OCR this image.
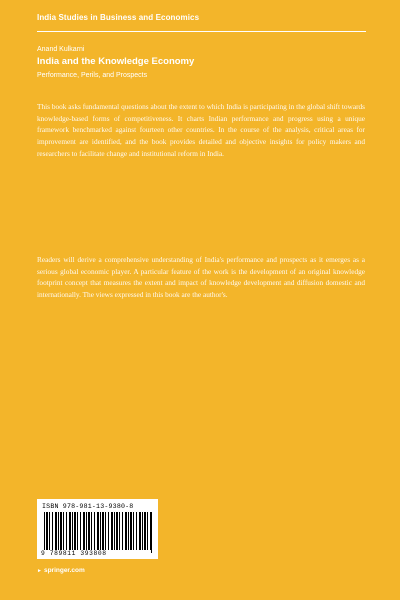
India Studies in Business and Economics
Anand Kulkarni
India and the Knowledge Economy
Performance, Perils, and Prospects

This book asks fundamental questions about the extent to which India is participating in the global shift towards knowledge-based forms of competitiveness. It charts Indian performance and progress using a unique framework benchmarked against fourteen other countries. In the course of the analysis, critical areas for improvement are identified, and the book provides detailed and objective insights for policy makers and researchers to facilitate change and institutional reform in India.

Readers will derive a comprehensive understanding of India's performance and prospects as it emerges as a serious global economic player. A particular feature of the work is the development of an original knowledge footprint concept that measures the extent and impact of knowledge development and diffusion domestic and internationally. The views expressed in this book are the author's.

ISBN 978-981-13-9380-8
9 789811 393808
► springer.com
